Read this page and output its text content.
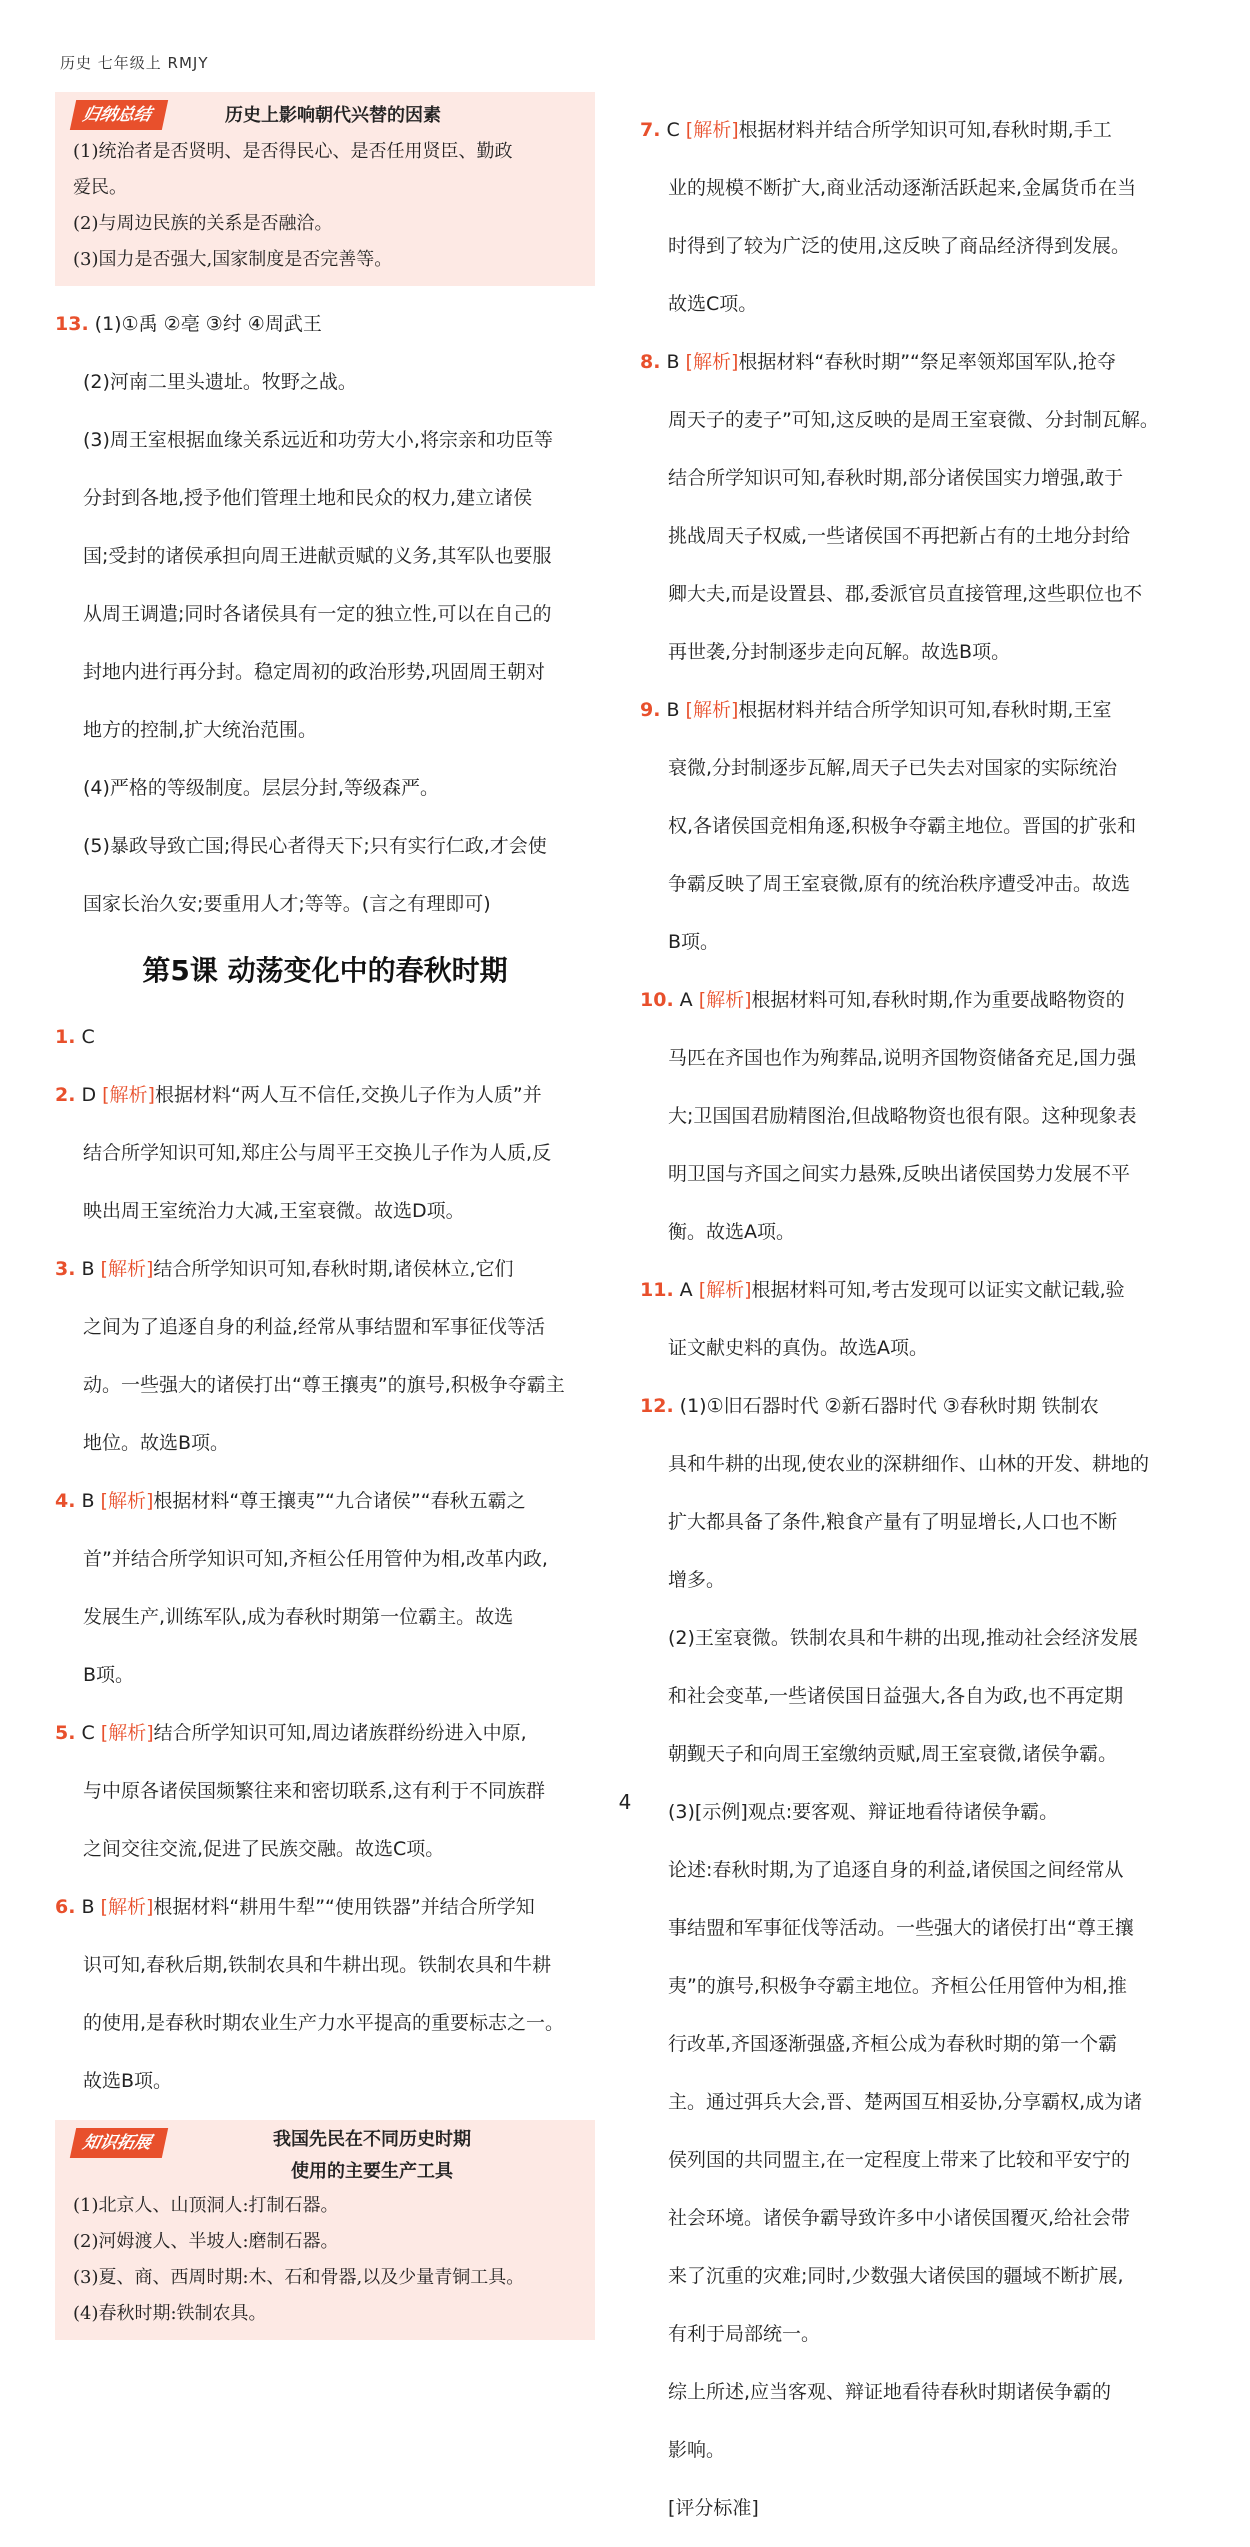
历史 七年级上 RMJY
归纳总结	历史上影响朝代兴替的因素
(1)统治者是否贤明、是否得民心、是否任用贤臣、勤政
爱民。
(2)与周边民族的关系是否融洽。
(3)国力是否强大,国家制度是否完善等。

13. (1)①禹 ②亳 ③纣 ④周武王

(2)河南二里头遗址。牧野之战。

(3)周王室根据血缘关系远近和功劳大小,将宗亲和功臣等

分封到各地,授予他们管理土地和民众的权力,建立诸侯

国;受封的诸侯承担向周王进献贡赋的义务,其军队也要服

从周王调遣;同时各诸侯具有一定的独立性,可以在自己的

封地内进行再分封。稳定周初的政治形势,巩固周王朝对

地方的控制,扩大统治范围。

(4)严格的等级制度。层层分封,等级森严。

(5)暴政导致亡国;得民心者得天下;只有实行仁政,才会使

国家长治久安;要重用人才;等等。(言之有理即可)

第5课 动荡变化中的春秋时期

1. C

2. D [解析]根据材料“两人互不信任,交换儿子作为人质”并

结合所学知识可知,郑庄公与周平王交换儿子作为人质,反

映出周王室统治力大减,王室衰微。故选D项。

3. B [解析]结合所学知识可知,春秋时期,诸侯林立,它们

之间为了追逐自身的利益,经常从事结盟和军事征伐等活

动。一些强大的诸侯打出“尊王攘夷”的旗号,积极争夺霸主

地位。故选B项。

4. B [解析]根据材料“尊王攘夷”“九合诸侯”“春秋五霸之

首”并结合所学知识可知,齐桓公任用管仲为相,改革内政,

发展生产,训练军队,成为春秋时期第一位霸主。故选

B项。

5. C [解析]结合所学知识可知,周边诸族群纷纷进入中原,

与中原各诸侯国频繁往来和密切联系,这有利于不同族群

之间交往交流,促进了民族交融。故选C项。

6. B [解析]根据材料“耕用牛犁”“使用铁器”并结合所学知

识可知,春秋后期,铁制农具和牛耕出现。铁制农具和牛耕

的使用,是春秋时期农业生产力水平提高的重要标志之一。

故选B项。

知识拓展	我国先民在不同历史时期
使用的主要生产工具
(1)北京人、山顶洞人:打制石器。
(2)河姆渡人、半坡人:磨制石器。
(3)夏、商、西周时期:木、石和骨器,以及少量青铜工具。
(4)春秋时期:铁制农具。

7. C [解析]根据材料并结合所学知识可知,春秋时期,手工

业的规模不断扩大,商业活动逐渐活跃起来,金属货币在当

时得到了较为广泛的使用,这反映了商品经济得到发展。

故选C项。

8. B [解析]根据材料“春秋时期”“祭足率领郑国军队,抢夺

周天子的麦子”可知,这反映的是周王室衰微、分封制瓦解。

结合所学知识可知,春秋时期,部分诸侯国实力增强,敢于

挑战周天子权威,一些诸侯国不再把新占有的土地分封给

卿大夫,而是设置县、郡,委派官员直接管理,这些职位也不

再世袭,分封制逐步走向瓦解。故选B项。

9. B [解析]根据材料并结合所学知识可知,春秋时期,王室

衰微,分封制逐步瓦解,周天子已失去对国家的实际统治

权,各诸侯国竞相角逐,积极争夺霸主地位。晋国的扩张和

争霸反映了周王室衰微,原有的统治秩序遭受冲击。故选

B项。

10. A [解析]根据材料可知,春秋时期,作为重要战略物资的

马匹在齐国也作为殉葬品,说明齐国物资储备充足,国力强

大;卫国国君励精图治,但战略物资也很有限。这种现象表

明卫国与齐国之间实力悬殊,反映出诸侯国势力发展不平

衡。故选A项。

11. A [解析]根据材料可知,考古发现可以证实文献记载,验

证文献史料的真伪。故选A项。

12. (1)①旧石器时代 ②新石器时代 ③春秋时期 铁制农

具和牛耕的出现,使农业的深耕细作、山林的开发、耕地的

扩大都具备了条件,粮食产量有了明显增长,人口也不断

增多。

(2)王室衰微。铁制农具和牛耕的出现,推动社会经济发展

和社会变革,一些诸侯国日益强大,各自为政,也不再定期

朝觐天子和向周王室缴纳贡赋,周王室衰微,诸侯争霸。

(3)[示例]观点:要客观、辩证地看待诸侯争霸。

论述:春秋时期,为了追逐自身的利益,诸侯国之间经常从

事结盟和军事征伐等活动。一些强大的诸侯打出“尊王攘

夷”的旗号,积极争夺霸主地位。齐桓公任用管仲为相,推

行改革,齐国逐渐强盛,齐桓公成为春秋时期的第一个霸

主。通过弭兵大会,晋、楚两国互相妥协,分享霸权,成为诸

侯列国的共同盟主,在一定程度上带来了比较和平安宁的

社会环境。诸侯争霸导致许多中小诸侯国覆灭,给社会带

来了沉重的灾难;同时,少数强大诸侯国的疆域不断扩展,

有利于局部统一。

综上所述,应当客观、辩证地看待春秋时期诸侯争霸的

影响。

[评分标准]

4
